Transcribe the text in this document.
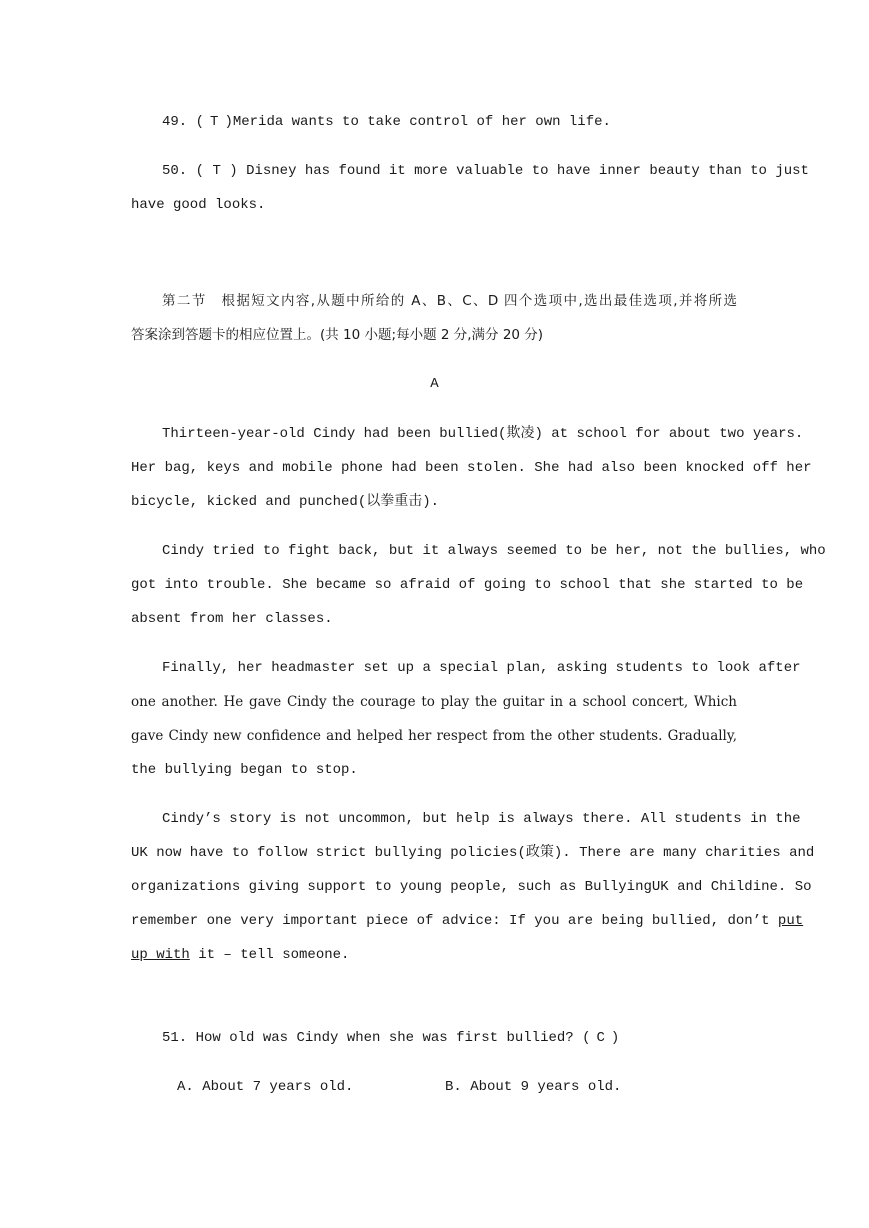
49. ( T )Merida wants to take control of her own life.
50. ( T ) Disney has found it more valuable to have inner beauty than to just
have good looks.
第二节　根据短文内容,从题中所给的 A、B、C、D 四个选项中,选出最佳选项,并将所选
答案涂到答题卡的相应位置上。(共 10 小题;每小题 2 分,满分 20 分)
A
Thirteen-year-old Cindy had been bullied(欺凌) at school for about two years.
Her bag, keys and mobile phone had been stolen. She had also been knocked off her
bicycle, kicked and punched(以拳重击).
Cindy tried to fight back, but it always seemed to be her, not the bullies, who
got into trouble. She became so afraid of going to school that she started to be
absent from her classes.
Finally, her headmaster set up a special plan, asking students to look after
one another. He gave Cindy the courage to play the guitar in a school concert, Which
gave Cindy new confidence and helped her respect from the other students. Gradually,
the bullying began to stop.
Cindy’s story is not uncommon, but help is always there. All students in the
UK now have to follow strict bullying policies(政策). There are many charities and
organizations giving support to young people, such as BullyingUK and Childine. So
remember one very important piece of advice: If you are being bullied, don’t put
up with it – tell someone.
51. How old was Cindy when she was first bullied? ( C )
A. About 7 years old.	B. About 9 years old.
